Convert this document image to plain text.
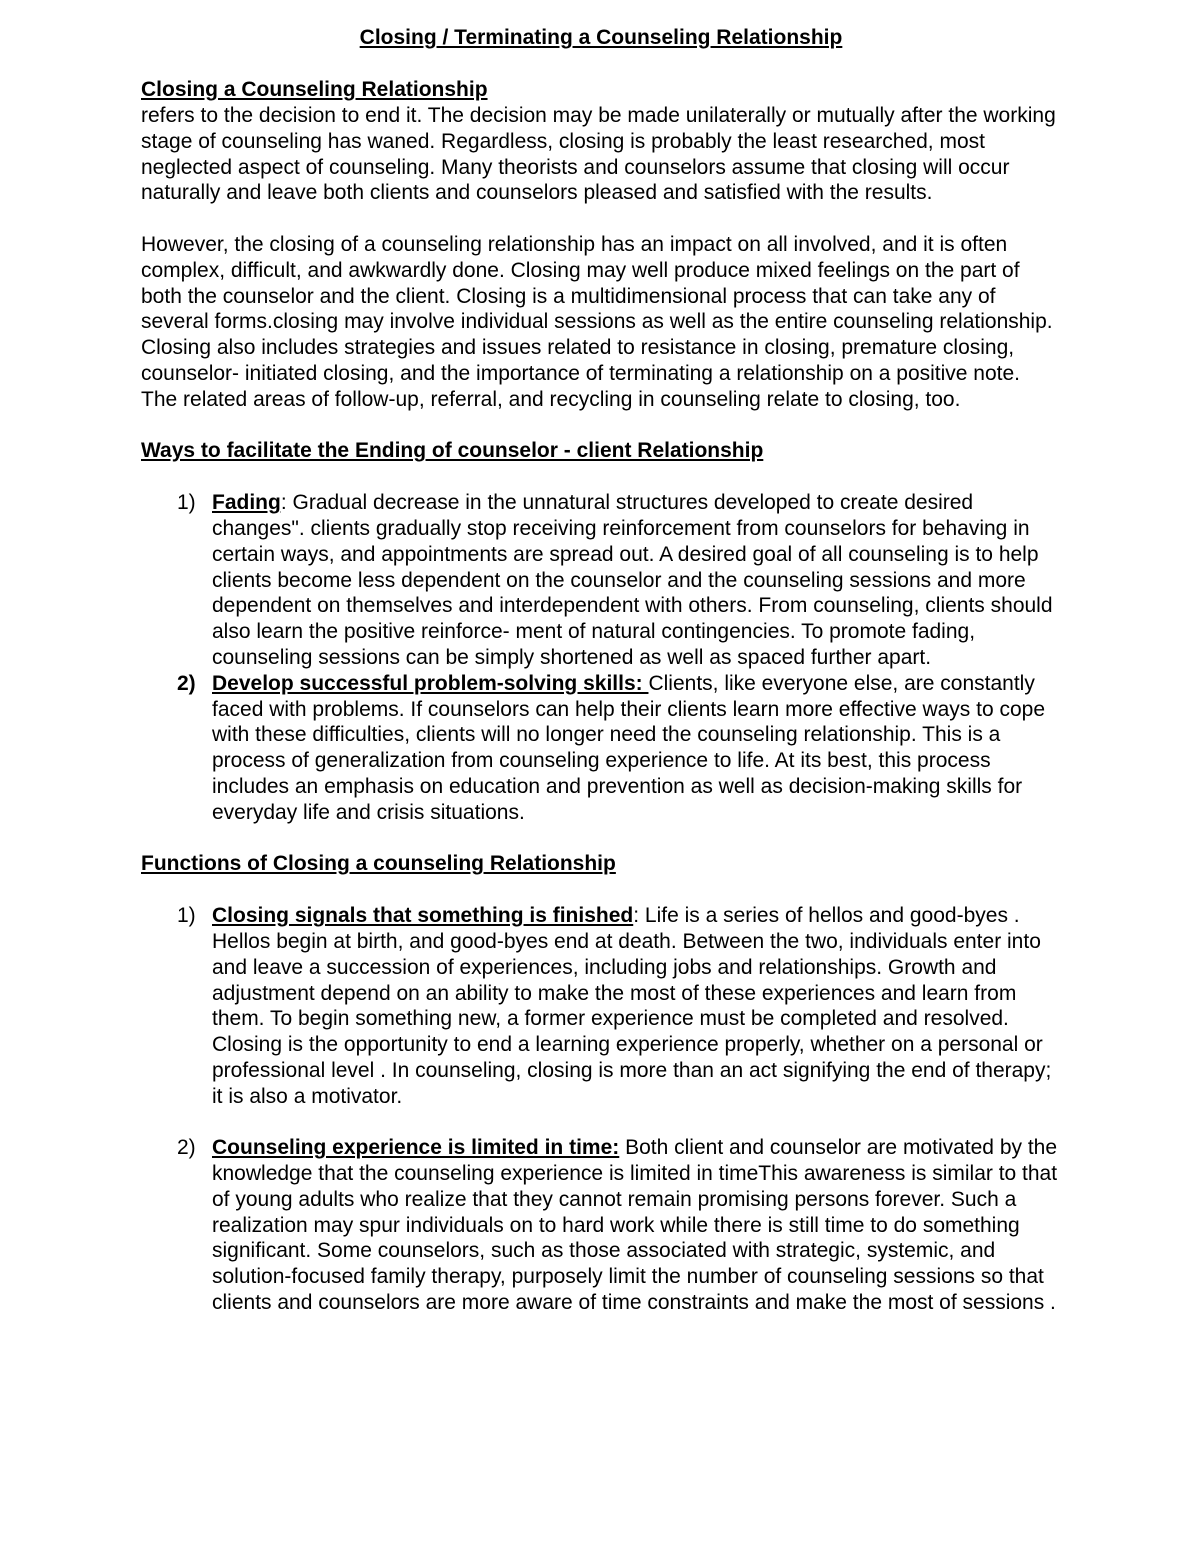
Closing / Terminating a Counseling Relationship
Closing a Counseling Relationship

refers to the decision to end it. The decision may be made unilaterally or mutually after the working stage of counseling has waned. Regardless, closing is probably the least researched, most neglected aspect of counseling. Many theorists and counselors assume that closing will occur naturally and leave both clients and counselors pleased and satisfied with the results.

However, the closing of a counseling relationship has an impact on all involved, and it is often complex, difficult, and awkwardly done. Closing may well produce mixed feelings on the part of both the counselor and the client. Closing is a multidimensional process that can take any of several forms.closing may involve individual sessions as well as the entire counseling relationship. Closing also includes strategies and issues related to resistance in closing, premature closing, counselor- initiated closing, and the importance of terminating a relationship on a positive note. The related areas of follow-up, referral, and recycling in counseling relate to closing, too.

Ways to facilitate the Ending of counselor - client Relationship
1) Fading: Gradual decrease in the unnatural structures developed to create desired changes". clients gradually stop receiving reinforcement from counselors for behaving in certain ways, and appointments are spread out. A desired goal of all counseling is to help clients become less dependent on the counselor and the counseling sessions and more dependent on themselves and interdependent with others. From counseling, clients should also learn the positive reinforce- ment of natural contingencies. To promote fading, counseling sessions can be simply shortened as well as spaced further apart.
2) Develop successful problem-solving skills: Clients, like everyone else, are constantly faced with problems. If counselors can help their clients learn more effective ways to cope with these difficulties, clients will no longer need the counseling relationship. This is a process of generalization from counseling experience to life. At its best, this process includes an emphasis on education and prevention as well as decision-making skills for everyday life and crisis situations.
Functions of Closing a counseling Relationship
1) Closing signals that something is finished: Life is a series of hellos and good-byes . Hellos begin at birth, and good-byes end at death. Between the two, individuals enter into and leave a succession of experiences, including jobs and relationships. Growth and adjustment depend on an ability to make the most of these experiences and learn from them. To begin something new, a former experience must be completed and resolved. Closing is the opportunity to end a learning experience properly, whether on a personal or professional level . In counseling, closing is more than an act signifying the end of therapy; it is also a motivator.
2) Counseling experience is limited in time: Both client and counselor are motivated by the knowledge that the counseling experience is limited in timeThis awareness is similar to that of young adults who realize that they cannot remain promising persons forever. Such a realization may spur individuals on to hard work while there is still time to do something significant. Some counselors, such as those associated with strategic, systemic, and solution-focused family therapy, purposely limit the number of counseling sessions so that clients and counselors are more aware of time constraints and make the most of sessions .
